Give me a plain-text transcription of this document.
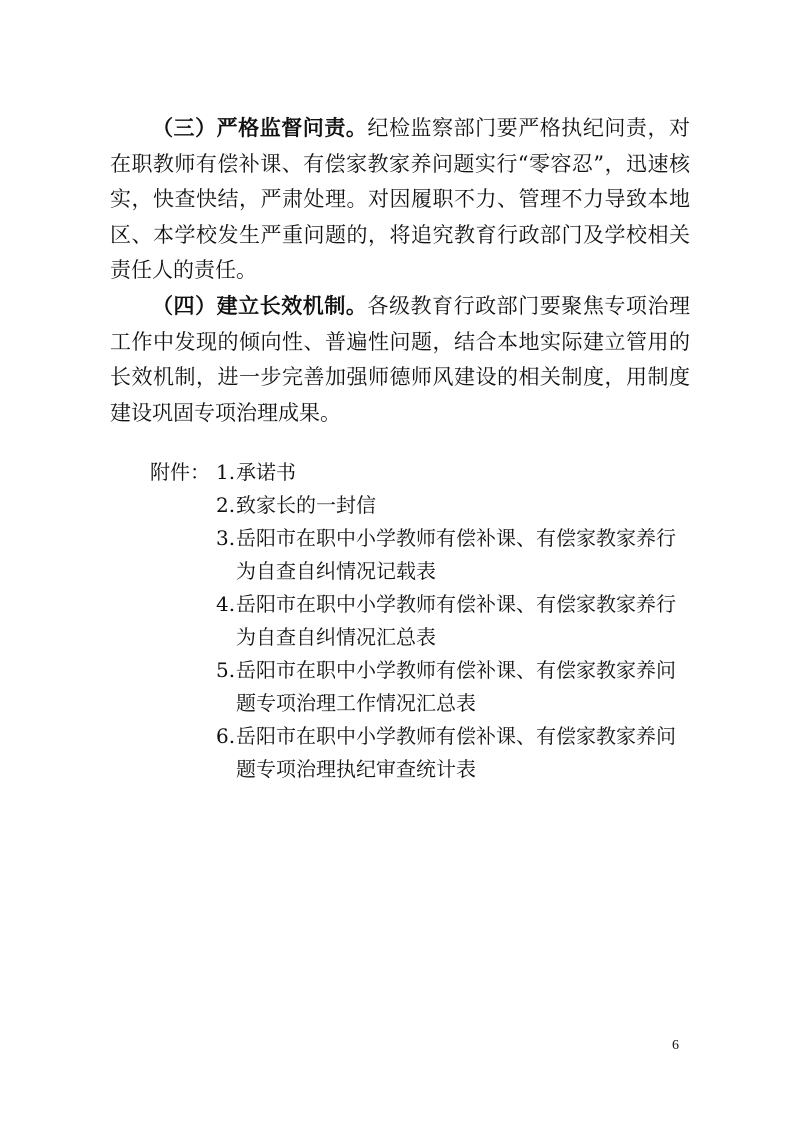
（三）严格监督问责。纪检监察部门要严格执纪问责，对在职教师有偿补课、有偿家教家养问题实行“零容忍”，迅速核实，快查快结，严肃处理。对因履职不力、管理不力导致本地区、本学校发生严重问题的，将追究教育行政部门及学校相关责任人的责任。

（四）建立长效机制。各级教育行政部门要聚焦专项治理工作中发现的倾向性、普遍性问题，结合本地实际建立管用的长效机制，进一步完善加强师德师风建设的相关制度，用制度建设巩固专项治理成果。

附件： 1. 承诺书
2. 致家长的一封信
3. 岳阳市在职中小学教师有偿补课、有偿家教家养行为自查自纠情况记载表
4. 岳阳市在职中小学教师有偿补课、有偿家教家养行为自查自纠情况汇总表
5. 岳阳市在职中小学教师有偿补课、有偿家教家养问题专项治理工作情况汇总表
6. 岳阳市在职中小学教师有偿补课、有偿家教家养问题专项治理执纪审查统计表
6
